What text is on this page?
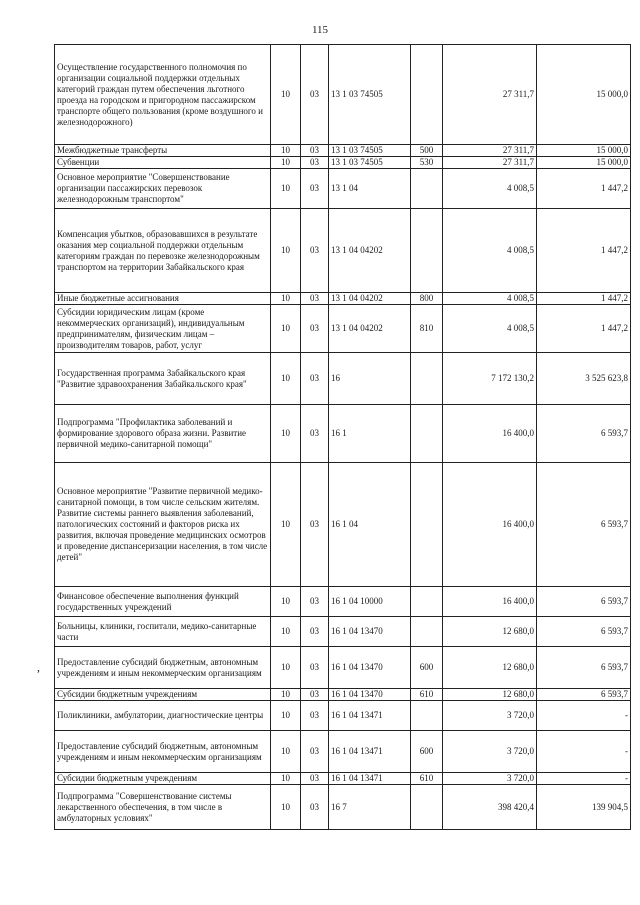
115
Осуществление государственного полномочия по организации социальной поддержки отдельных категорий граждан путем обеспечения льготного проезда на городском и пригородном пассажирском транспорте общего пользования (кроме воздушного и железнодорожного)	10	03	13 1 03 74505		27 311,7	15 000,0
Межбюджетные трансферты	10	03	13 1 03 74505	500	27 311,7	15 000,0
Субвенции	10	03	13 1 03 74505	530	27 311,7	15 000,0
Основное мероприятие "Совершенствование организации пассажирских перевозок железнодорожным транспортом"	10	03	13 1 04		4 008,5	1 447,2
Компенсация убытков, образовавшихся в результате оказания мер социальной поддержки отдельным категориям граждан по перевозке железнодорожным транспортом на территории Забайкальского края	10	03	13 1 04 04202		4 008,5	1 447,2
Иные бюджетные ассигнования	10	03	13 1 04 04202	800	4 008,5	1 447,2
Субсидии юридическим лицам (кроме некоммерческих организаций), индивидуальным предпринимателям, физическим лицам – производителям товаров, работ, услуг	10	03	13 1 04 04202	810	4 008,5	1 447,2
Государственная программа Забайкальского края "Развитие здравоохранения Забайкальского края"	10	03	16		7 172 130,2	3 525 623,8
Подпрограмма "Профилактика заболеваний и формирование здорового образа жизни. Развитие первичной медико-санитарной помощи"	10	03	16 1		16 400,0	6 593,7
Основное мероприятие "Развитие первичной медико-санитарной помощи, в том числе сельским жителям. Развитие системы раннего выявления заболеваний, патологических состояний и факторов риска их развития, включая проведение медицинских осмотров и проведение диспансеризации населения, в том числе детей"	10	03	16 1 04		16 400,0	6 593,7
Финансовое обеспечение выполнения функций государственных учреждений	10	03	16 1 04 10000		16 400,0	6 593,7
Больницы, клиники, госпитали, медико-санитарные части	10	03	16 1 04 13470		12 680,0	6 593,7
Предоставление субсидий бюджетным, автономным учреждениям и иным некоммерческим организациям	10	03	16 1 04 13470	600	12 680,0	6 593,7
Субсидии бюджетным учреждениям	10	03	16 1 04 13470	610	12 680,0	6 593,7
Поликлиники, амбулатории, диагностические центры	10	03	16 1 04 13471		3 720,0	-
Предоставление субсидий бюджетным, автономным учреждениям и иным некоммерческим организациям	10	03	16 1 04 13471	600	3 720,0	-
Субсидии бюджетным учреждениям	10	03	16 1 04 13471	610	3 720,0	-
Подпрограмма "Совершенствование системы лекарственного обеспечения, в том числе в амбулаторных условиях"	10	03	16 7		398 420,4	139 904,5
,
